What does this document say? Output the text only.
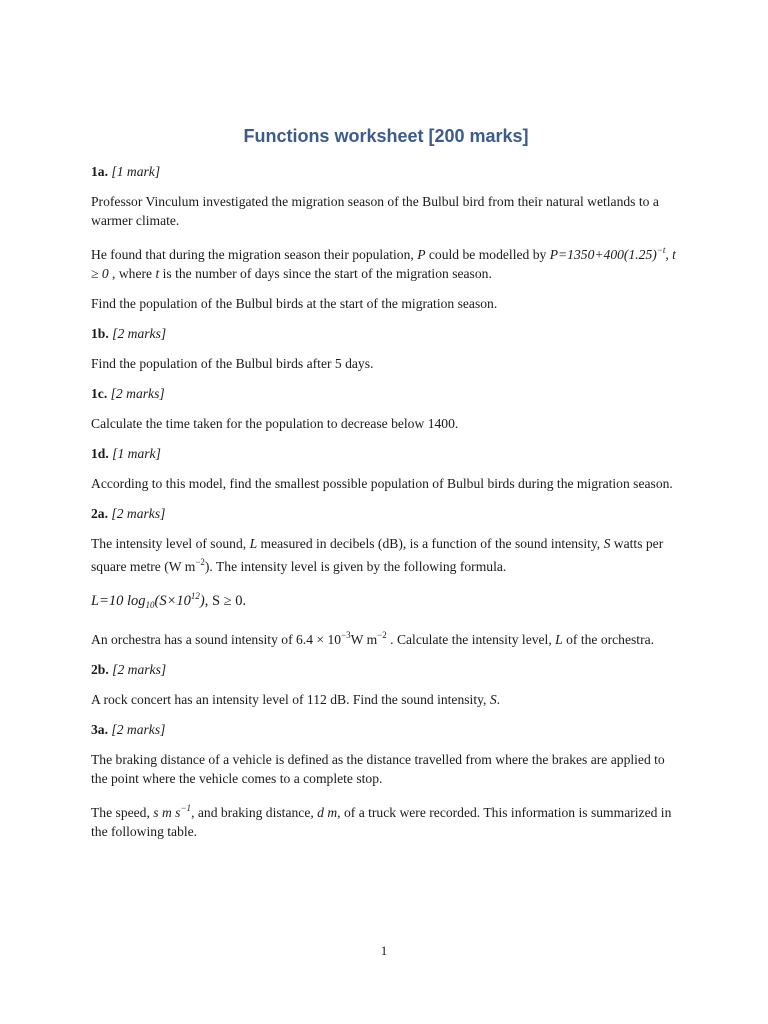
Functions worksheet [200 marks]

1a. [1 mark]

Professor Vinculum investigated the migration season of the Bulbul bird from their natural wetlands to a warmer climate.

He found that during the migration season their population, P could be modelled by $P=1350+400(1.25)^{-t}$, t ≥ 0 , where t is the number of days since the start of the migration season.

Find the population of the Bulbul birds at the start of the migration season.

1b. [2 marks]

Find the population of the Bulbul birds after 5 days.

1c. [2 marks]

Calculate the time taken for the population to decrease below 1400.

1d. [1 mark]

According to this model, find the smallest possible population of Bulbul birds during the migration season.

2a. [2 marks]

The intensity level of sound, L measured in decibels (dB), is a function of the sound intensity, S watts per square metre (W $m^{-2}$). The intensity level is given by the following formula.

L=10 $\log_{10}(S\times 10^{12})$, S ≥ 0.

An orchestra has a sound intensity of $6.4 \times 10^{-3}W$ $m^{-2}$ . Calculate the intensity level, L of the orchestra.

2b. [2 marks]

A rock concert has an intensity level of 112 dB. Find the sound intensity, S.

3a. [2 marks]

The braking distance of a vehicle is defined as the distance travelled from where the brakes are applied to the point where the vehicle comes to a complete stop.

The speed, s m $s^{-1}$, and braking distance, d m, of a truck were recorded. This information is summarized in the following table.

1
